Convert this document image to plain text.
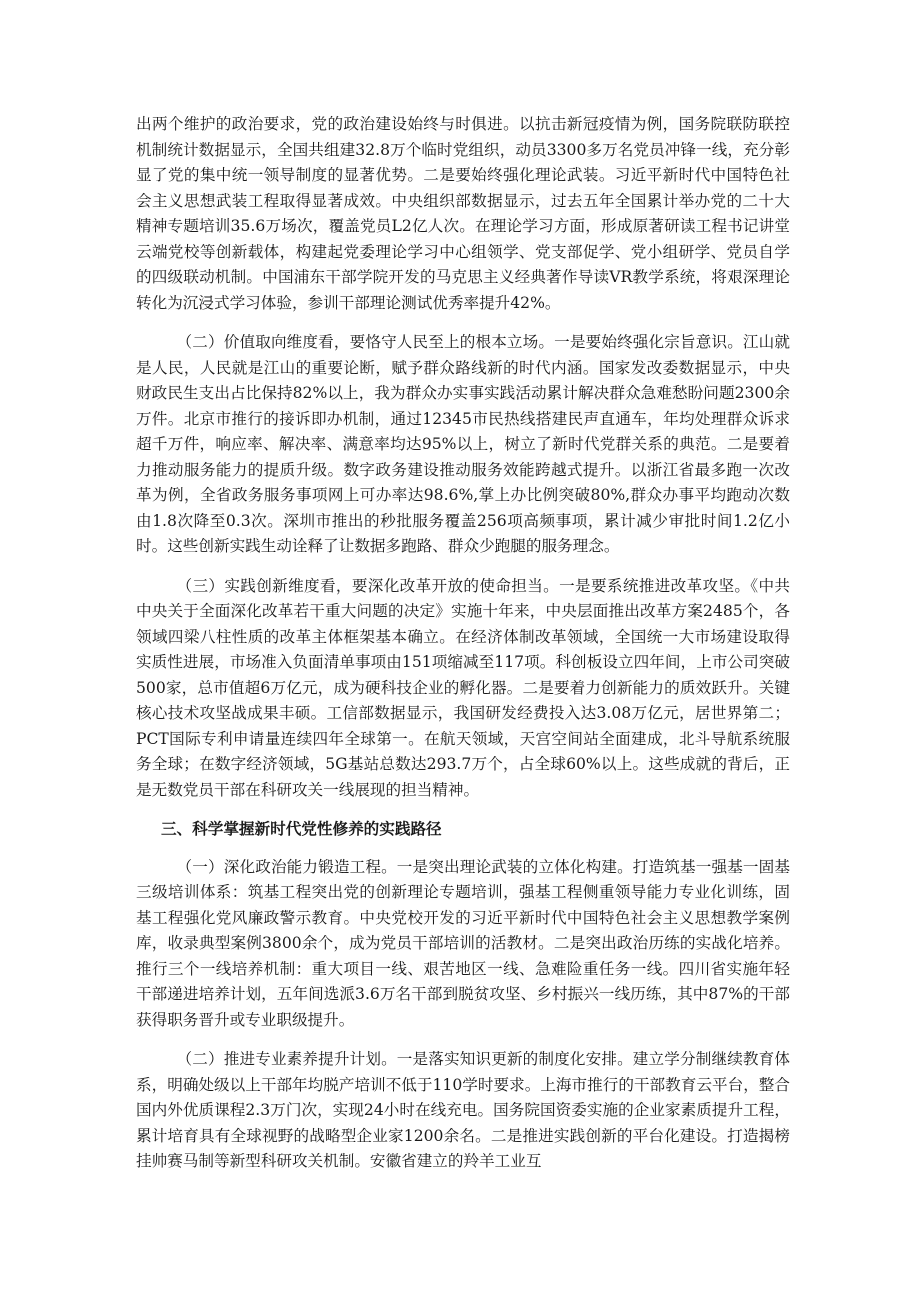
出两个维护的政治要求，党的政治建设始终与时俱进。以抗击新冠疫情为例，国务院联防联控机制统计数据显示，全国共组建32.8万个临时党组织，动员3300多万名党员冲锋一线，充分彰显了党的集中统一领导制度的显著优势。二是要始终强化理论武装。习近平新时代中国特色社会主义思想武装工程取得显著成效。中央组织部数据显示，过去五年全国累计举办党的二十大精神专题培训35.6万场次，覆盖党员L2亿人次。在理论学习方面，形成原著研读工程书记讲堂云端党校等创新载体，构建起党委理论学习中心组领学、党支部促学、党小组研学、党员自学的四级联动机制。中国浦东干部学院开发的马克思主义经典著作导读VR教学系统，将艰深理论转化为沉浸式学习体验，参训干部理论测试优秀率提升42%。

（二）价值取向维度看，要恪守人民至上的根本立场。一是要始终强化宗旨意识。江山就是人民，人民就是江山的重要论断，赋予群众路线新的时代内涵。国家发改委数据显示，中央财政民生支出占比保持82%以上，我为群众办实事实践活动累计解决群众急难愁盼问题2300余万件。北京市推行的接诉即办机制，通过12345市民热线搭建民声直通车，年均处理群众诉求超千万件，响应率、解决率、满意率均达95%以上，树立了新时代党群关系的典范。二是要着力推动服务能力的提质升级。数字政务建设推动服务效能跨越式提升。以浙江省最多跑一次改革为例，全省政务服务事项网上可办率达98.6%,掌上办比例突破80%,群众办事平均跑动次数由1.8次降至0.3次。深圳市推出的秒批服务覆盖256项高频事项，累计减少审批时间1.2亿小时。这些创新实践生动诠释了让数据多跑路、群众少跑腿的服务理念。

（三）实践创新维度看，要深化改革开放的使命担当。一是要系统推进改革攻坚。《中共中央关于全面深化改革若干重大问题的决定》实施十年来，中央层面推出改革方案2485个，各领域四梁八柱性质的改革主体框架基本确立。在经济体制改革领域，全国统一大市场建设取得实质性进展，市场准入负面清单事项由151项缩减至117项。科创板设立四年间，上市公司突破500家，总市值超6万亿元，成为硬科技企业的孵化器。二是要着力创新能力的质效跃升。关键核心技术攻坚战成果丰硕。工信部数据显示，我国研发经费投入达3.08万亿元，居世界第二；PCT国际专利申请量连续四年全球第一。在航天领域，天宫空间站全面建成，北斗导航系统服务全球；在数字经济领域，5G基站总数达293.7万个，占全球60%以上。这些成就的背后，正是无数党员干部在科研攻关一线展现的担当精神。

三、科学掌握新时代党性修养的实践路径

（一）深化政治能力锻造工程。一是突出理论武装的立体化构建。打造筑基一强基一固基三级培训体系：筑基工程突出党的创新理论专题培训，强基工程侧重领导能力专业化训练，固基工程强化党风廉政警示教育。中央党校开发的习近平新时代中国特色社会主义思想教学案例库，收录典型案例3800余个，成为党员干部培训的活教材。二是突出政治历练的实战化培养。推行三个一线培养机制：重大项目一线、艰苦地区一线、急难险重任务一线。四川省实施年轻干部递进培养计划，五年间选派3.6万名干部到脱贫攻坚、乡村振兴一线历练，其中87%的干部获得职务晋升或专业职级提升。

（二）推进专业素养提升计划。一是落实知识更新的制度化安排。建立学分制继续教育体系，明确处级以上干部年均脱产培训不低于110学时要求。上海市推行的干部教育云平台，整合国内外优质课程2.3万门次，实现24小时在线充电。国务院国资委实施的企业家素质提升工程，累计培育具有全球视野的战略型企业家1200余名。二是推进实践创新的平台化建设。打造揭榜挂帅赛马制等新型科研攻关机制。安徽省建立的羚羊工业互
